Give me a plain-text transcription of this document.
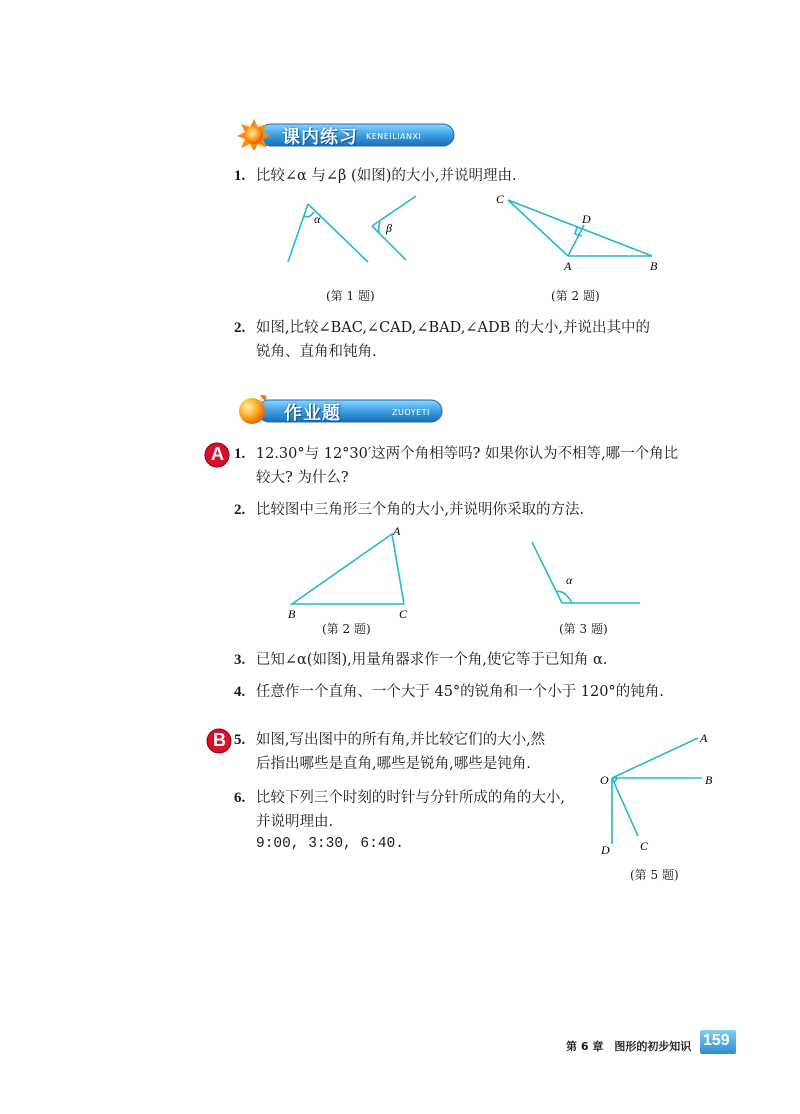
课内练习 KENEILIANXI
1. 比较∠α 与∠β (如图)的大小,并说明理由.
α
β
(第 1 题)
C
D
A	B
(第 2 题)
2. 如图,比较∠BAC,∠CAD,∠BAD,∠ADB 的大小,并说出其中的
锐角、直角和钝角.
作业题	ZUOYETI
A 1. 12.30°与 12°30′这两个角相等吗? 如果你认为不相等,哪一个角比
较大? 为什么?
2. 比较图中三角形三个角的大小,并说明你采取的方法.
A
B	C
(第 2 题)
α
(第 3 题)
3. 已知∠α(如图),用量角器求作一个角,使它等于已知角 α.
4. 任意作一个直角、一个大于 45°的锐角和一个小于 120°的钝角.
B 5. 如图,写出图中的所有角,并比较它们的大小,然
后指出哪些是直角,哪些是锐角,哪些是钝角.
6. 比较下列三个时刻的时针与分针所成的角的大小,
并说明理由.
9:00, 3:30, 6:40.
A
B
C
D
O
(第 5 题)
第 6 章　图形的初步知识 159
